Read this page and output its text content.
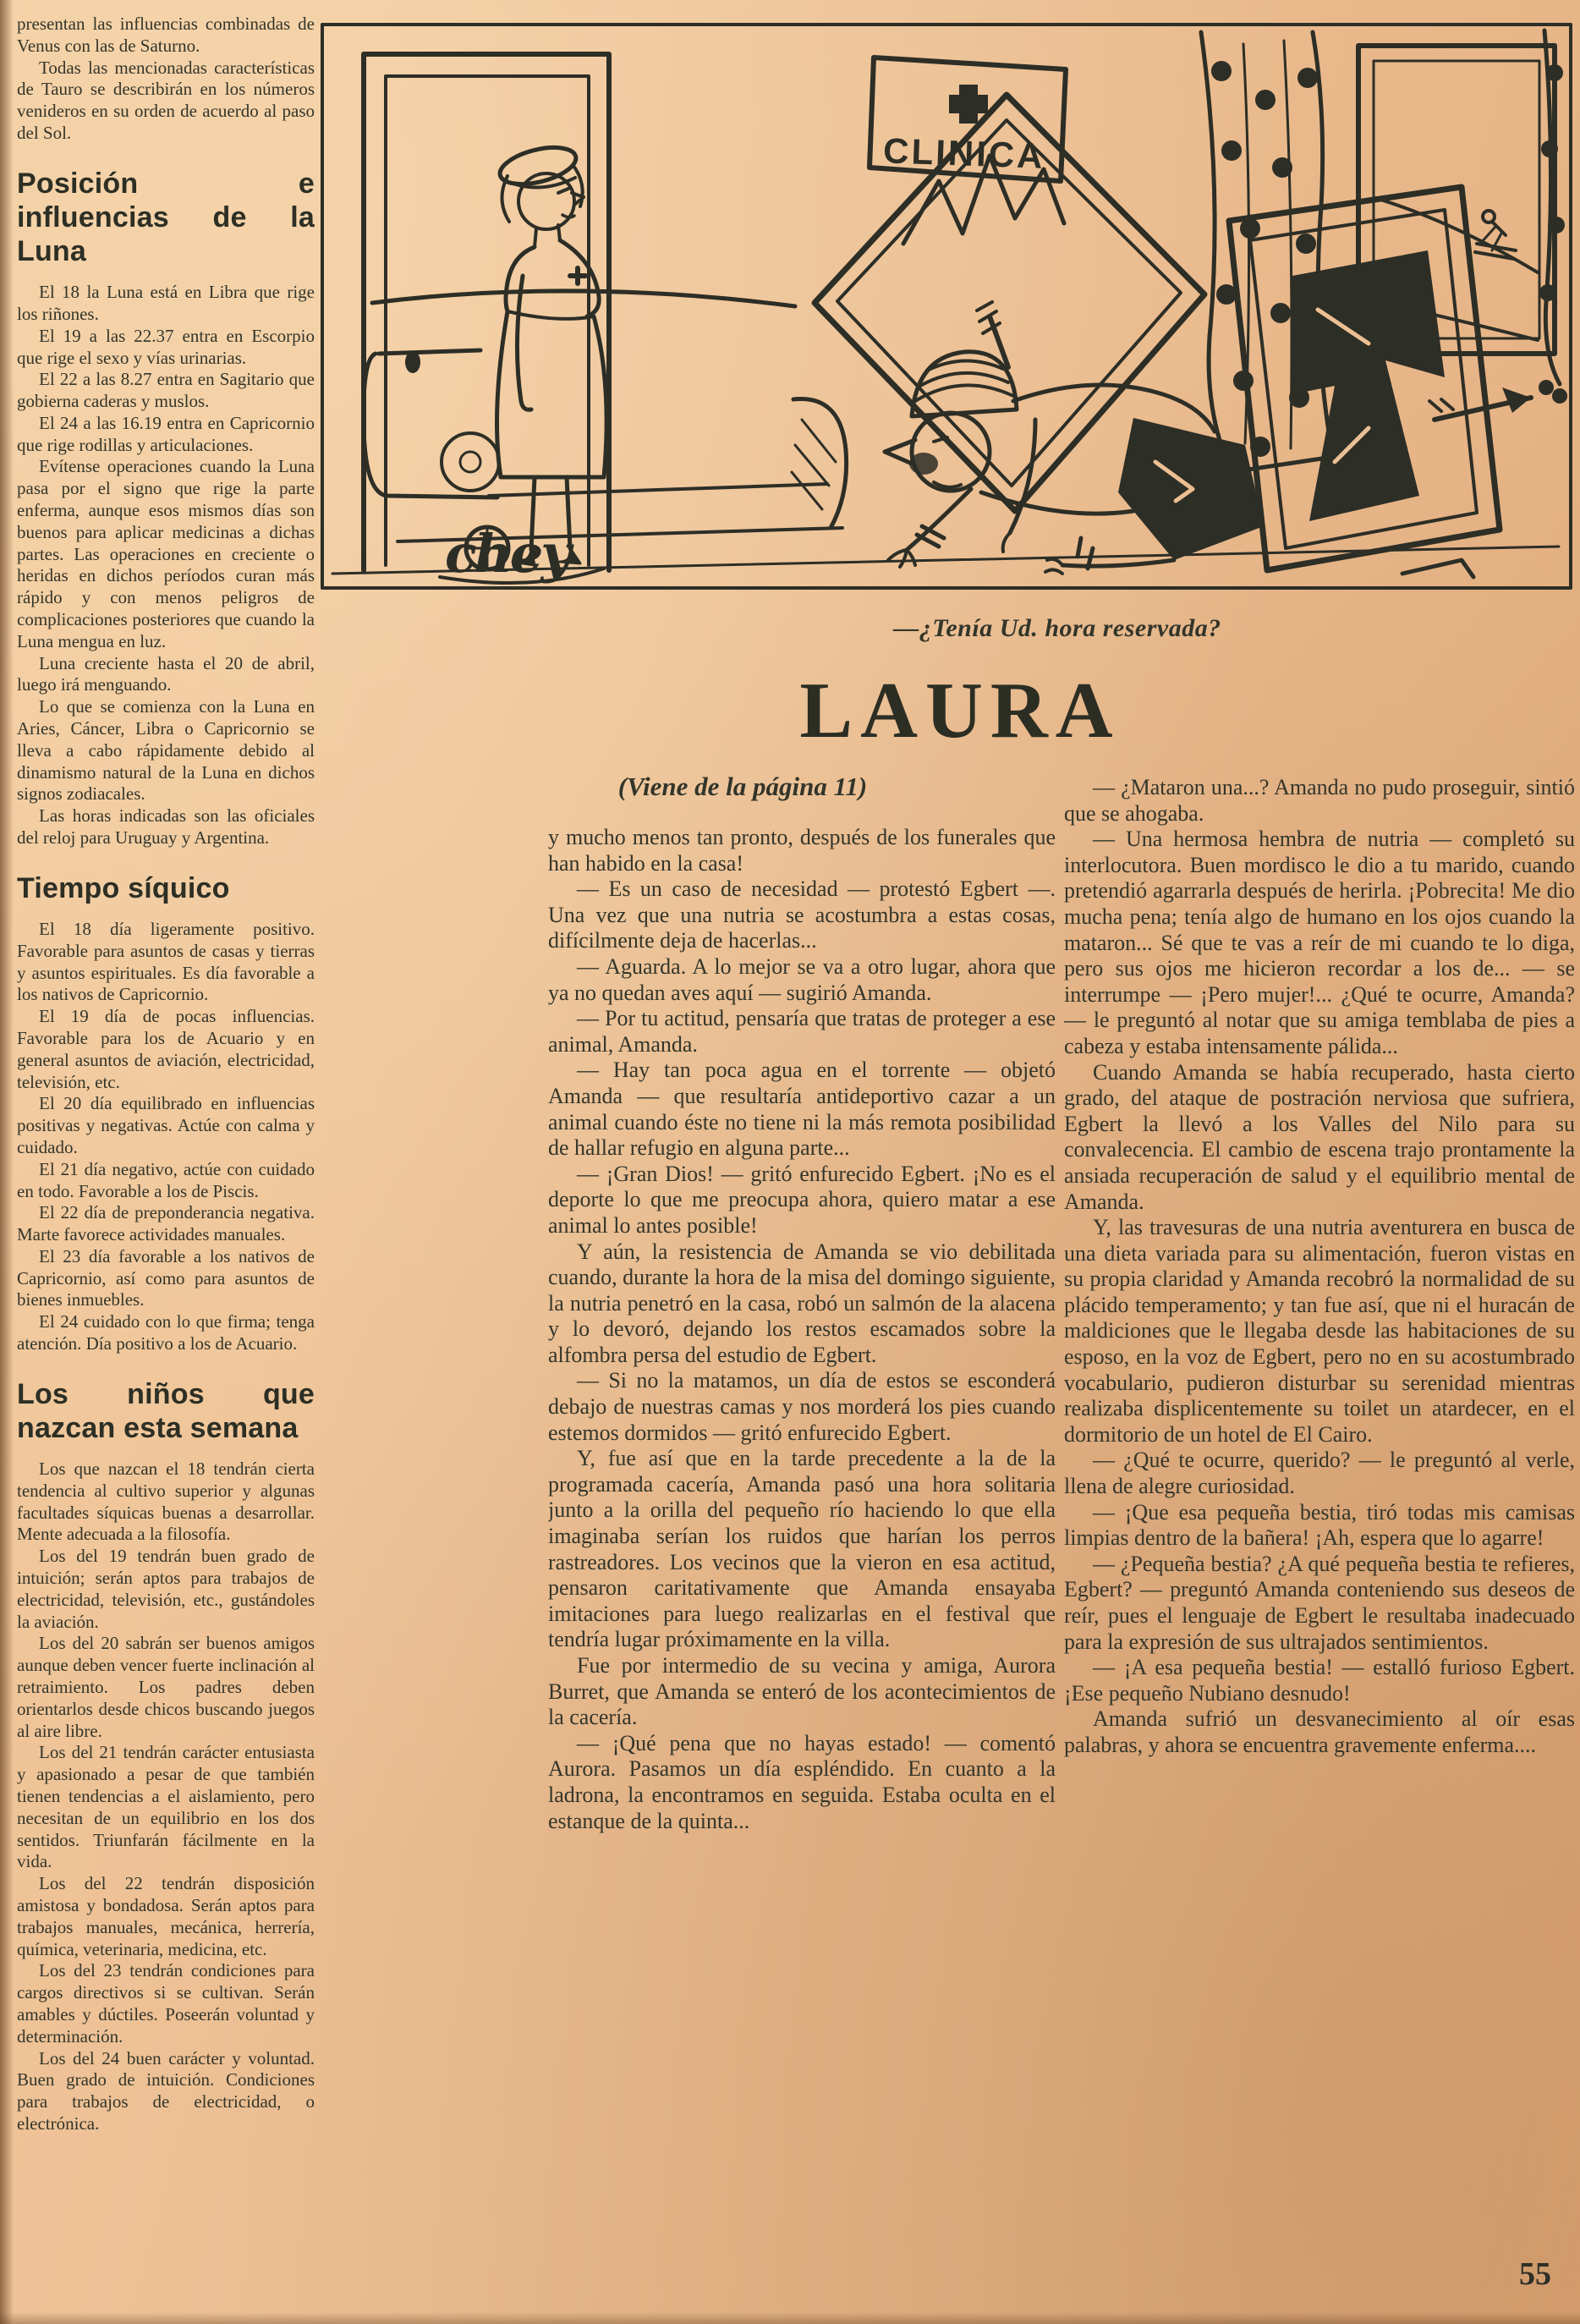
presentan las influencias combinadas de Venus con las de Saturno.

Todas las mencionadas características de Tauro se describirán en los números venideros en su orden de acuerdo al paso del Sol.

Posición e influencias de la Luna

El 18 la Luna está en Libra que rige los riñones.

El 19 a las 22.37 entra en Escorpio que rige el sexo y vías urinarias.

El 22 a las 8.27 entra en Sagitario que gobierna caderas y muslos.

El 24 a las 16.19 entra en Capricornio que rige rodillas y articulaciones.

Evítense operaciones cuando la Luna pasa por el signo que rige la parte enferma, aunque esos mismos días son buenos para aplicar medicinas a dichas partes. Las operaciones en creciente o heridas en dichos períodos curan más rápido y con menos peligros de complicaciones posteriores que cuando la Luna mengua en luz.

Luna creciente hasta el 20 de abril, luego irá menguando.

Lo que se comienza con la Luna en Aries, Cáncer, Libra o Capricornio se lleva a cabo rápidamente debido al dinamismo natural de la Luna en dichos signos zodiacales.

Las horas indicadas son las oficiales del reloj para Uruguay y Argentina.

Tiempo síquico

El 18 día ligeramente positivo. Favorable para asuntos de casas y tierras y asuntos espirituales. Es día favorable a los nativos de Capricornio.

El 19 día de pocas influencias. Favorable para los de Acuario y en general asuntos de aviación, electricidad, televisión, etc.

El 20 día equilibrado en influencias positivas y negativas. Actúe con calma y cuidado.

El 21 día negativo, actúe con cuidado en todo. Favorable a los de Piscis.

El 22 día de preponderancia negativa. Marte favorece actividades manuales.

El 23 día favorable a los nativos de Capricornio, así como para asuntos de bienes inmuebles.

El 24 cuidado con lo que firma; tenga atención. Día positivo a los de Acuario.

Los niños que nazcan esta semana

Los que nazcan el 18 tendrán cierta tendencia al cultivo superior y algunas facultades síquicas buenas a desarrollar. Mente adecuada a la filosofía.

Los del 19 tendrán buen grado de intuición; serán aptos para trabajos de electricidad, televisión, etc., gustándoles la aviación.

Los del 20 sabrán ser buenos amigos aunque deben vencer fuerte inclinación al retraimiento. Los padres deben orientarlos desde chicos buscando juegos al aire libre.

Los del 21 tendrán carácter entusiasta y apasionado a pesar de que también tienen tendencias a el aislamiento, pero necesitan de un equilibrio en los dos sentidos. Triunfarán fácilmente en la vida.

Los del 22 tendrán disposición amistosa y bondadosa. Serán aptos para trabajos manuales, mecánica, herrería, química, veterinaria, medicina, etc.

Los del 23 tendrán condiciones para cargos directivos si se cultivan. Serán amables y dúctiles. Poseerán voluntad y determinación.

Los del 24 buen carácter y voluntad. Buen grado de intuición. Condiciones para trabajos de electricidad, o electrónica.

CLINICA
chey
—¿Tenía Ud. hora reservada?
LAURA
(Viene de la página 11)

y mucho menos tan pronto, después de los funerales que han habido en la casa!

— Es un caso de necesidad — protestó Egbert —. Una vez que una nutria se acostumbra a estas cosas, difícilmente deja de hacerlas...

— Aguarda. A lo mejor se va a otro lugar, ahora que ya no quedan aves aquí — sugirió Amanda.

— Por tu actitud, pensaría que tratas de proteger a ese animal, Amanda.

— Hay tan poca agua en el torrente — objetó Amanda — que resultaría antideportivo cazar a un animal cuando éste no tiene ni la más remota posibilidad de hallar refugio en alguna parte...

— ¡Gran Dios! — gritó enfurecido Egbert. ¡No es el deporte lo que me preocupa ahora, quiero matar a ese animal lo antes posible!

Y aún, la resistencia de Amanda se vio debilitada cuando, durante la hora de la misa del domingo siguiente, la nutria penetró en la casa, robó un salmón de la alacena y lo devoró, dejando los restos escamados sobre la alfombra persa del estudio de Egbert.

— Si no la matamos, un día de estos se esconderá debajo de nuestras camas y nos morderá los pies cuando estemos dormidos — gritó enfurecido Egbert.

Y, fue así que en la tarde precedente a la de la programada cacería, Amanda pasó una hora solitaria junto a la orilla del pequeño río haciendo lo que ella imaginaba serían los ruidos que harían los perros rastreadores. Los vecinos que la vieron en esa actitud, pensaron caritativamente que Amanda ensayaba imitaciones para luego realizarlas en el festival que tendría lugar próximamente en la villa.

Fue por intermedio de su vecina y amiga, Aurora Burret, que Amanda se enteró de los acontecimientos de la cacería.

— ¡Qué pena que no hayas estado! — comentó Aurora. Pasamos un día espléndido. En cuanto a la ladrona, la encontramos en seguida. Estaba oculta en el estanque de la quinta...

— ¿Mataron una...? Amanda no pudo proseguir, sintió que se ahogaba.

— Una hermosa hembra de nutria — completó su interlocutora. Buen mordisco le dio a tu marido, cuando pretendió agarrarla después de herirla. ¡Pobrecita! Me dio mucha pena; tenía algo de humano en los ojos cuando la mataron... Sé que te vas a reír de mi cuando te lo diga, pero sus ojos me hicieron recordar a los de... — se interrumpe — ¡Pero mujer!... ¿Qué te ocurre, Amanda? — le preguntó al notar que su amiga temblaba de pies a cabeza y estaba intensamente pálida...

Cuando Amanda se había recuperado, hasta cierto grado, del ataque de postración nerviosa que sufriera, Egbert la llevó a los Valles del Nilo para su convalecencia. El cambio de escena trajo prontamente la ansiada recuperación de salud y el equilibrio mental de Amanda.

Y, las travesuras de una nutria aventurera en busca de una dieta variada para su alimentación, fueron vistas en su propia claridad y Amanda recobró la normalidad de su plácido temperamento; y tan fue así, que ni el huracán de maldiciones que le llegaba desde las habitaciones de su esposo, en la voz de Egbert, pero no en su acostumbrado vocabulario, pudieron disturbar su serenidad mientras realizaba displicentemente su toilet un atardecer, en el dormitorio de un hotel de El Cairo.

— ¿Qué te ocurre, querido? — le preguntó al verle, llena de alegre curiosidad.

— ¡Que esa pequeña bestia, tiró todas mis camisas limpias dentro de la bañera! ¡Ah, espera que lo agarre!

— ¿Pequeña bestia? ¿A qué pequeña bestia te refieres, Egbert? — preguntó Amanda conteniendo sus deseos de reír, pues el lenguaje de Egbert le resultaba inadecuado para la expresión de sus ultrajados sentimientos.

— ¡A esa pequeña bestia! — estalló furioso Egbert. ¡Ese pequeño Nubiano desnudo!

Amanda sufrió un desvanecimiento al oír esas palabras, y ahora se encuentra gravemente enferma....

55
